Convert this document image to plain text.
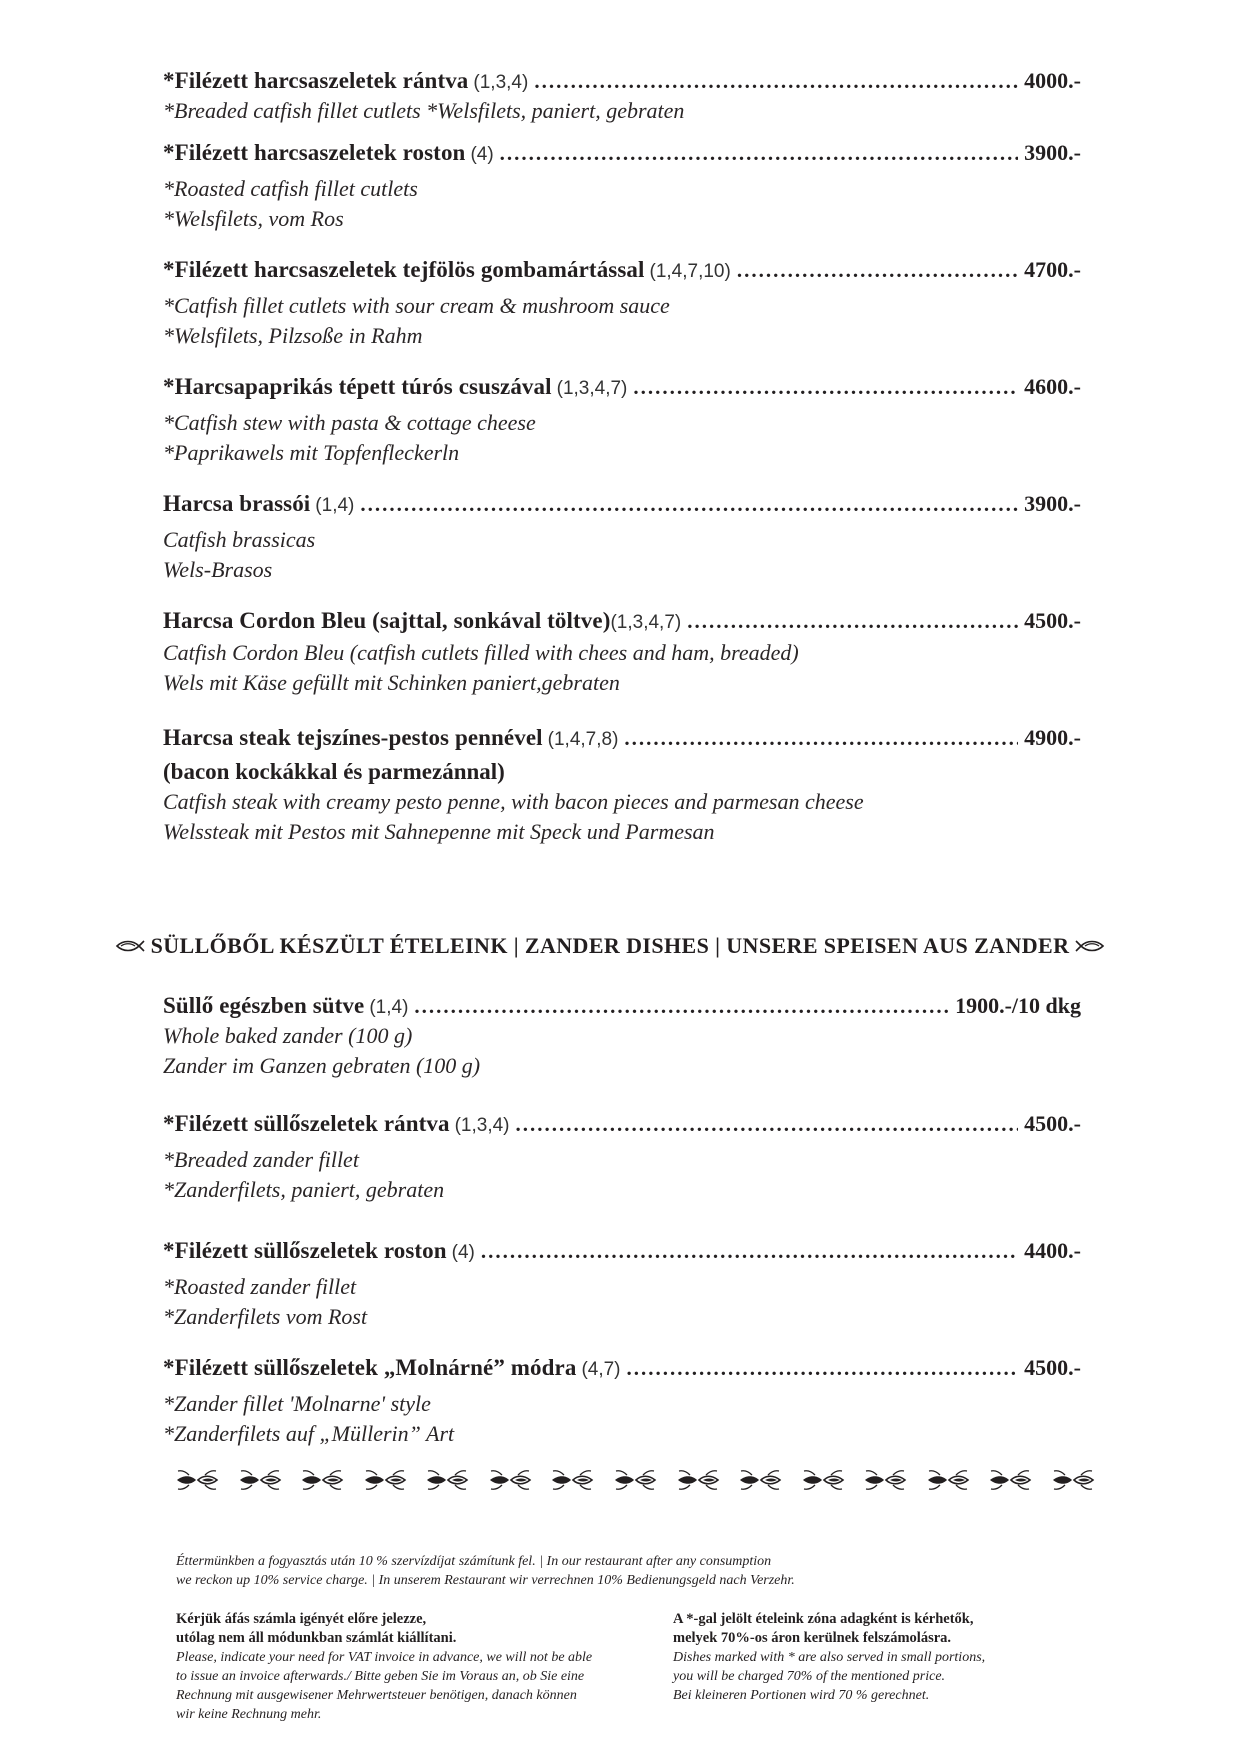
*Filézett harcsaszeletek rántva (1,3,4) .....	4000.-
*Breaded catfish fillet cutlets *Welsfilets, paniert, gebraten
*Filézett harcsaszeletek roston (4) .....	3900.-
*Roasted catfish fillet cutlets
*Welsfilets, vom Ros
*Filézett harcsaszeletek tejfölös gombamártással (1,4,7,10) .....	4700.-
*Catfish fillet cutlets with sour cream & mushroom sauce
*Welsfilets, Pilzsoße in Rahm
*Harcsapaprikás tépett túrós csuszával (1,3,4,7) .....	4600.-
*Catfish stew with pasta & cottage cheese
*Paprikawels mit Topfenfleckerln
Harcsa brassói (1,4) .....	3900.-
Catfish brassicas
Wels-Brasos
Harcsa Cordon Bleu (sajttal, sonkával töltve) (1,3,4,7) .....	4500.-
Catfish Cordon Bleu (catfish cutlets filled with chees and ham, breaded)
Wels mit Käse gefüllt mit Schinken paniert,gebraten
Harcsa steak tejszínes-pestos pennével (1,4,7,8) .....	4900.-
(bacon kockákkal és parmezánnal)
Catfish steak with creamy pesto penne, with bacon pieces and parmesan cheese
Welssteak mit Pestos mit Sahnepenne mit Speck und Parmesan
SÜLLŐBŐL KÉSZÜLT ÉTELEINK | ZANDER DISHES | UNSERE SPEISEN AUS ZANDER
Süllő egészben sütve (1,4) .....	1900.-/10 dkg
Whole baked zander (100 g)
Zander im Ganzen gebraten (100 g)
*Filézett süllőszeletek rántva (1,3,4) .....	4500.-
*Breaded zander fillet
*Zanderfilets, paniert, gebraten
*Filézett süllőszeletek roston (4) .....	4400.-
*Roasted zander fillet
*Zanderfilets vom Rost
*Filézett süllőszeletek „Molnárné” módra (4,7) .....	4500.-
*Zander fillet 'Molnarne' style
*Zanderfilets auf „Müllerin” Art
Éttermünkben a fogyasztás után 10 % szervízdíjat számítunk fel. | In our restaurant after any consumption
we reckon up 10% service charge. | In unserem Restaurant wir verrechnen 10% Bedienungsgeld nach Verzehr.
Kérjük áfás számla igényét előre jelezze,
utólag nem áll módunkban számlát kiállítani.
Please, indicate your need for VAT invoice in advance, we will not be able
to issue an invoice afterwards./ Bitte geben Sie im Voraus an, ob Sie eine
Rechnung mit ausgewisener Mehrwertsteuer benötigen, danach können
wir keine Rechnung mehr.
A *-gal jelölt ételeink zóna adagként is kérhetők,
melyek 70%-os áron kerülnek felszámolásra.
Dishes marked with * are also served in small portions,
you will be charged 70% of the mentioned price.
Bei kleineren Portionen wird 70 % gerechnet.
